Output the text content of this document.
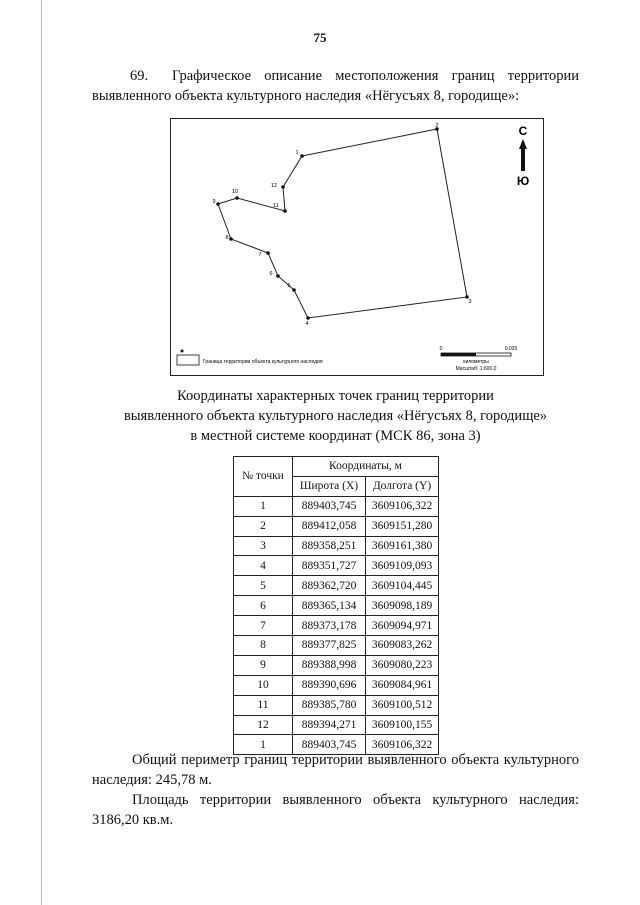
75
69. Графическое описание местоположения границ территории выявленного объекта культурного наследия «Нёгусъях 8, городище»:
1
2
3
4
5
6
7
8
9
10
11
12
С
Ю
Граница территории объекта культурного наследия
0	0,035
километры
Масштаб: 1:600,0
Координаты характерных точек границ территории
выявленного объекта культурного наследия «Нёгусъях 8, городище»
в местной системе координат (МСК 86, зона 3)
№ точки	Координаты, м	
	Широта (X)	Долгота (Y)
1	889403,745	3609106,322
2	889412,058	3609151,280
3	889358,251	3609161,380
4	889351,727	3609109,093
5	889362,720	3609104,445
6	889365,134	3609098,189
7	889373,178	3609094,971
8	889377,825	3609083,262
9	889388,998	3609080,223
10	889390,696	3609084,961
11	889385,780	3609100,512
12	889394,271	3609100,155
1	889403,745	3609106,322
Общий периметр границ территории выявленного объекта культурного наследия: 245,78 м.
Площадь территории выявленного объекта культурного наследия: 3186,20 кв.м.
